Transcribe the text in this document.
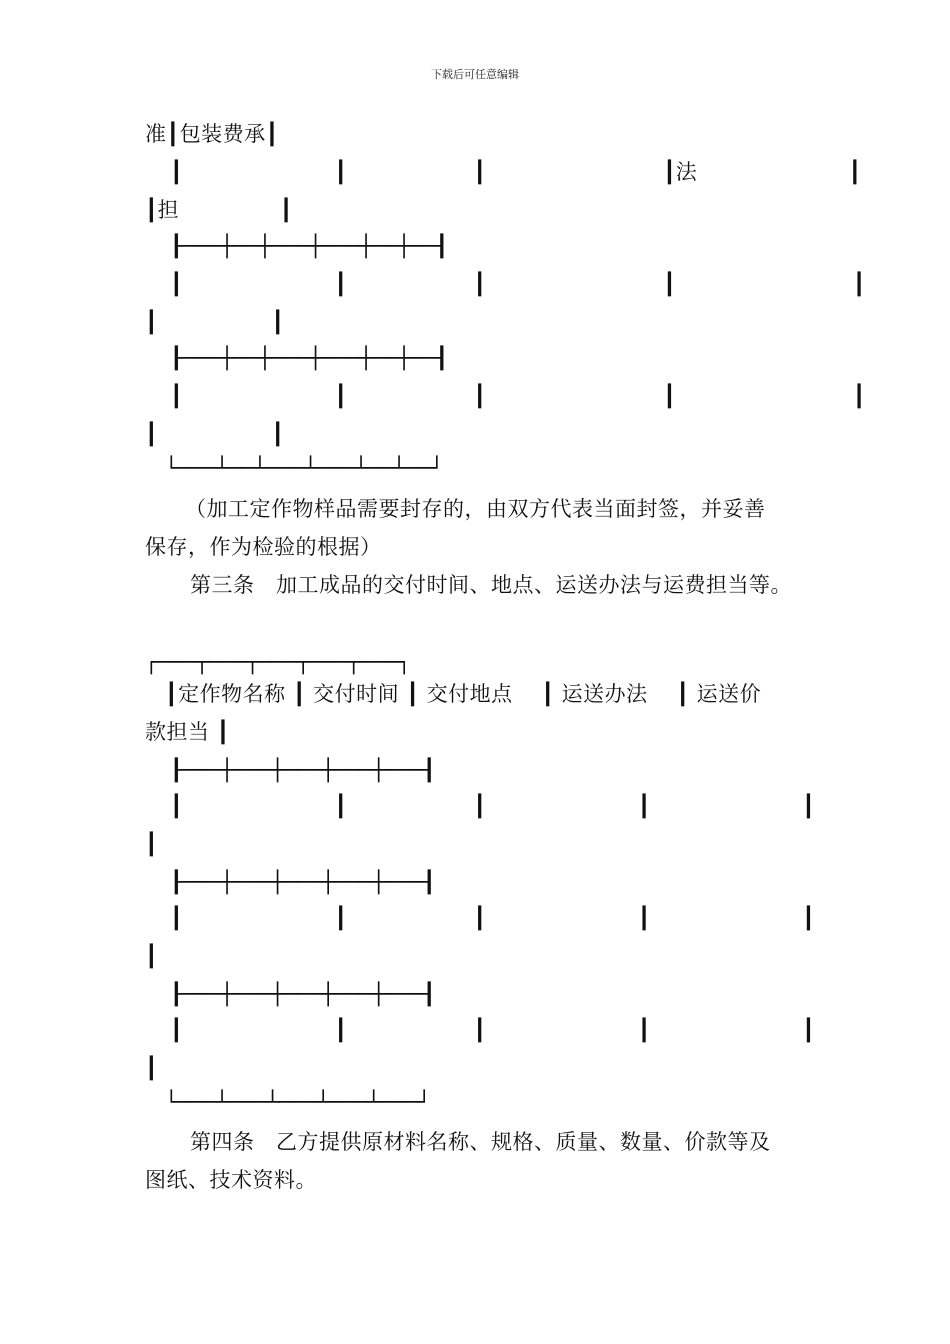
下载后可任意编辑
准┃包装费承┃
┃            ┃          ┃              ┃法            ┃
┃担        ┃
┠───┼──┼───┼───┼──┼──┨
┃            ┃          ┃              ┃              ┃
┃         ┃
┠───┼──┼───┼───┼──┼──┨
┃            ┃          ┃              ┃              ┃
┃         ┃
└───┴──┴───┴───┴──┴──┘
（加工定作物样品需要封存的，由双方代表当面封签，并妥善
保存，作为检验的根据）
第三条   加工成品的交付时间、地点、运送办法与运费担当等。
┌───┬───┬───┬───┬───┐
┃定作物名称 ┃ 交付时间 ┃ 交付地点    ┃ 运送办法    ┃ 运送价
款担当 ┃
┠───┼───┼───┼───┼───┨
┃            ┃          ┃            ┃            ┃
┃
┠───┼───┼───┼───┼───┨
┃            ┃          ┃            ┃            ┃
┃
┠───┼───┼───┼───┼───┨
┃            ┃          ┃            ┃            ┃
┃
└───┴───┴───┴───┴───┘
第四条   乙方提供原材料名称、规格、质量、数量、价款等及
图纸、技术资料。
